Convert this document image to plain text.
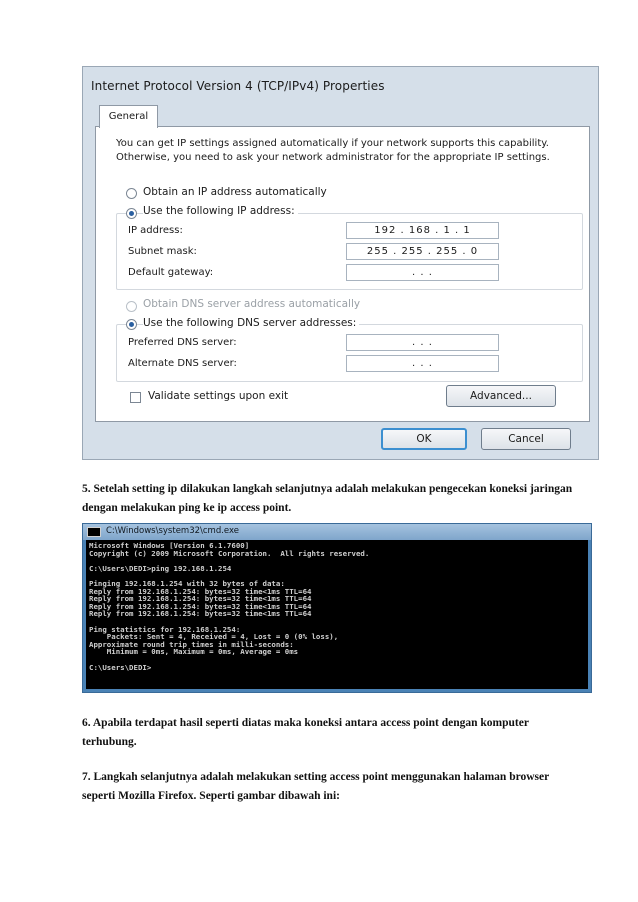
Internet Protocol Version 4 (TCP/IPv4) Properties
General
You can get IP settings assigned automatically if your network supports this capability. Otherwise, you need to ask your network administrator for the appropriate IP settings.
Obtain an IP address automatically
Use the following IP address:
IP address:	192 . 168 . 1 . 1
Subnet mask:	255 . 255 . 255 . 0
Default gateway:	. . .
Obtain DNS server address automatically
Use the following DNS server addresses:
Preferred DNS server:	. . .
Alternate DNS server:	. . .
Validate settings upon exit	Advanced...
OK	Cancel
5. Setelah setting ip dilakukan langkah selanjutnya adalah melakukan pengecekan koneksi jaringan dengan melakukan ping ke ip access point.
C:\Windows\system32\cmd.exe
Microsoft Windows [Version 6.1.7600]
Copyright (c) 2009 Microsoft Corporation.  All rights reserved.

C:\Users\DEDI>ping 192.168.1.254

Pinging 192.168.1.254 with 32 bytes of data:
Reply from 192.168.1.254: bytes=32 time<1ms TTL=64
Reply from 192.168.1.254: bytes=32 time<1ms TTL=64
Reply from 192.168.1.254: bytes=32 time<1ms TTL=64
Reply from 192.168.1.254: bytes=32 time<1ms TTL=64

Ping statistics for 192.168.1.254:
Packets: Sent = 4, Received = 4, Lost = 0 (0% loss),
Approximate round trip times in milli-seconds:
Minimum = 0ms, Maximum = 0ms, Average = 0ms

C:\Users\DEDI>
6. Apabila terdapat hasil seperti diatas maka koneksi antara access point dengan komputer terhubung.
7. Langkah selanjutnya adalah melakukan setting access point menggunakan halaman browser seperti Mozilla Firefox. Seperti gambar dibawah ini:
